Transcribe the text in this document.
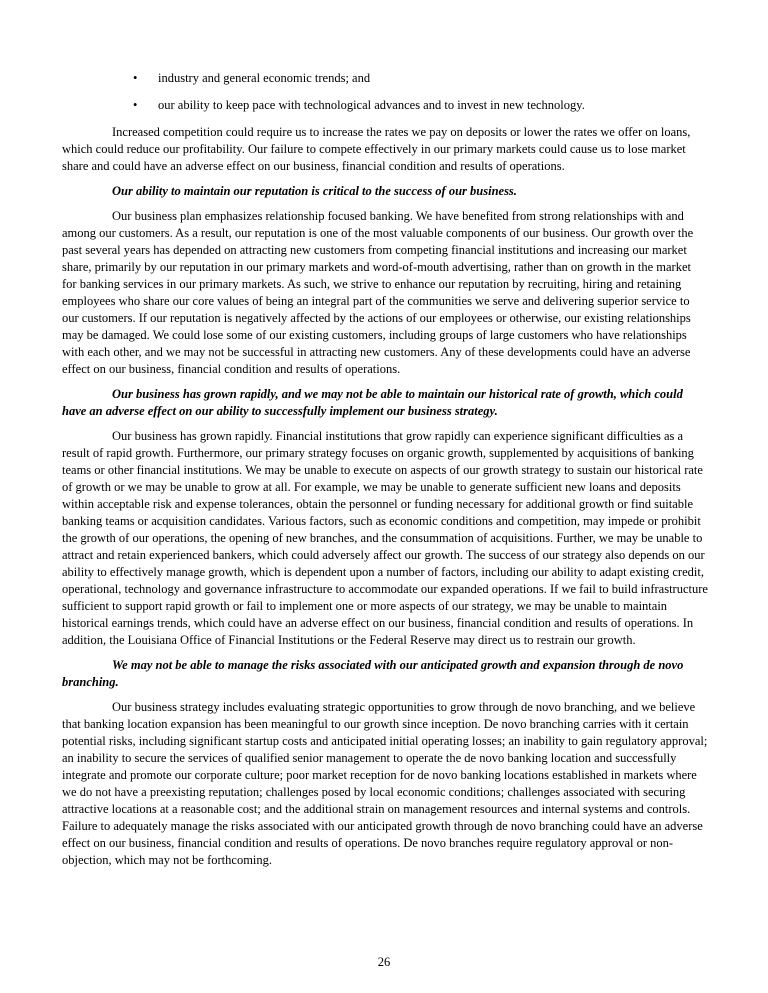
•	industry and general economic trends; and
•	our ability to keep pace with technological advances and to invest in new technology.

Increased competition could require us to increase the rates we pay on deposits or lower the rates we offer on loans, which could reduce our profitability. Our failure to compete effectively in our primary markets could cause us to lose market share and could have an adverse effect on our business, financial condition and results of operations.

Our ability to maintain our reputation is critical to the success of our business.

Our business plan emphasizes relationship focused banking. We have benefited from strong relationships with and among our customers. As a result, our reputation is one of the most valuable components of our business. Our growth over the past several years has depended on attracting new customers from competing financial institutions and increasing our market share, primarily by our reputation in our primary markets and word-of-mouth advertising, rather than on growth in the market for banking services in our primary markets. As such, we strive to enhance our reputation by recruiting, hiring and retaining employees who share our core values of being an integral part of the communities we serve and delivering superior service to our customers. If our reputation is negatively affected by the actions of our employees or otherwise, our existing relationships may be damaged. We could lose some of our existing customers, including groups of large customers who have relationships with each other, and we may not be successful in attracting new customers. Any of these developments could have an adverse effect on our business, financial condition and results of operations.

Our business has grown rapidly, and we may not be able to maintain our historical rate of growth, which could have an adverse effect on our ability to successfully implement our business strategy.

Our business has grown rapidly. Financial institutions that grow rapidly can experience significant difficulties as a result of rapid growth. Furthermore, our primary strategy focuses on organic growth, supplemented by acquisitions of banking teams or other financial institutions. We may be unable to execute on aspects of our growth strategy to sustain our historical rate of growth or we may be unable to grow at all. For example, we may be unable to generate sufficient new loans and deposits within acceptable risk and expense tolerances, obtain the personnel or funding necessary for additional growth or find suitable banking teams or acquisition candidates. Various factors, such as economic conditions and competition, may impede or prohibit the growth of our operations, the opening of new branches, and the consummation of acquisitions. Further, we may be unable to attract and retain experienced bankers, which could adversely affect our growth. The success of our strategy also depends on our ability to effectively manage growth, which is dependent upon a number of factors, including our ability to adapt existing credit, operational, technology and governance infrastructure to accommodate our expanded operations. If we fail to build infrastructure sufficient to support rapid growth or fail to implement one or more aspects of our strategy, we may be unable to maintain historical earnings trends, which could have an adverse effect on our business, financial condition and results of operations. In addition, the Louisiana Office of Financial Institutions or the Federal Reserve may direct us to restrain our growth.

We may not be able to manage the risks associated with our anticipated growth and expansion through de novo branching.

Our business strategy includes evaluating strategic opportunities to grow through de novo branching, and we believe that banking location expansion has been meaningful to our growth since inception. De novo branching carries with it certain potential risks, including significant startup costs and anticipated initial operating losses; an inability to gain regulatory approval; an inability to secure the services of qualified senior management to operate the de novo banking location and successfully integrate and promote our corporate culture; poor market reception for de novo banking locations established in markets where we do not have a preexisting reputation; challenges posed by local economic conditions; challenges associated with securing attractive locations at a reasonable cost; and the additional strain on management resources and internal systems and controls. Failure to adequately manage the risks associated with our anticipated growth through de novo branching could have an adverse effect on our business, financial condition and results of operations. De novo branches require regulatory approval or non-objection, which may not be forthcoming.

26
